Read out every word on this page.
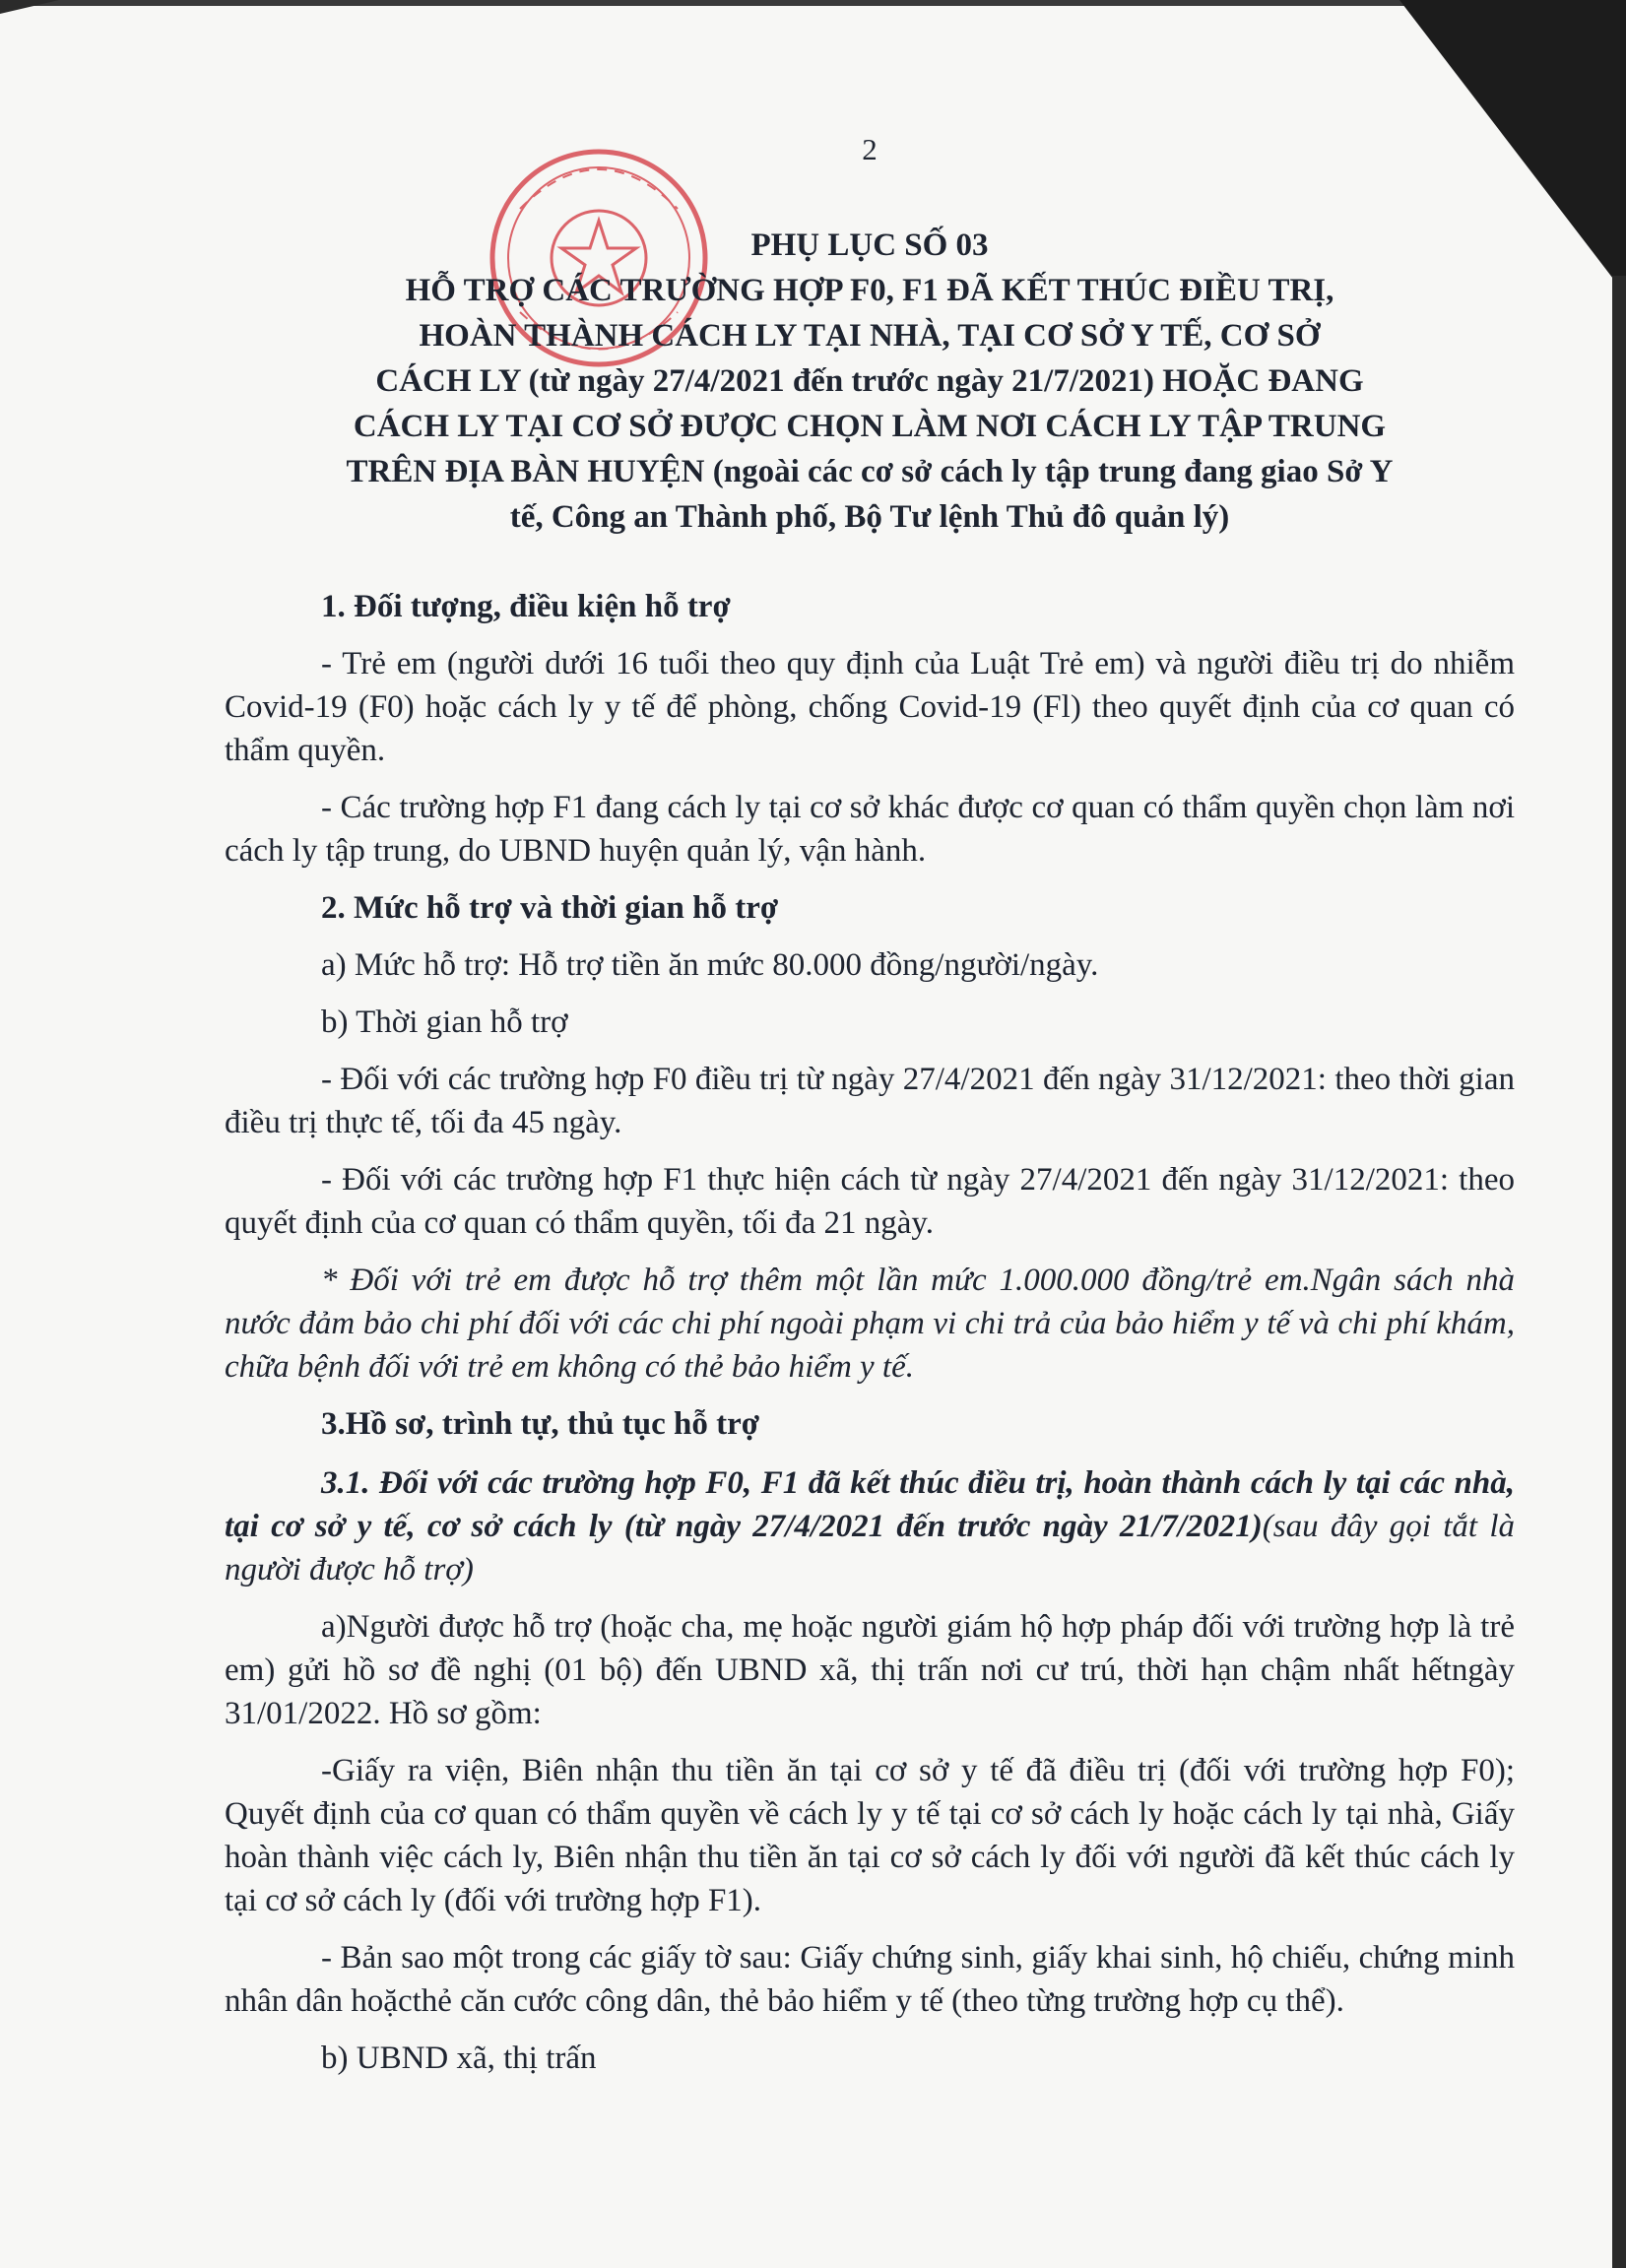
2
PHỤ LỤC SỐ 03
HỖ TRỢ CÁC TRƯỜNG HỢP F0, F1 ĐÃ KẾT THÚC ĐIỀU TRỊ,
HOÀN THÀNH CÁCH LY TẠI NHÀ, TẠI CƠ SỞ Y TẾ, CƠ SỞ
CÁCH LY (từ ngày 27/4/2021 đến trước ngày 21/7/2021) HOẶC ĐANG
CÁCH LY TẠI CƠ SỞ ĐƯỢC CHỌN LÀM NƠI CÁCH LY TẬP TRUNG
TRÊN ĐỊA BÀN HUYỆN (ngoài các cơ sở cách ly tập trung đang giao Sở Y
tế, Công an Thành phố, Bộ Tư lệnh Thủ đô quản lý)
1. Đối tượng, điều kiện hỗ trợ
- Trẻ em (người dưới 16 tuổi theo quy định của Luật Trẻ em) và người điều trị do nhiễm Covid-19 (F0) hoặc cách ly y tế để phòng, chống Covid-19 (Fl) theo quyết định của cơ quan có thẩm quyền.
- Các trường hợp F1 đang cách ly tại cơ sở khác được cơ quan có thẩm quyền chọn làm nơi cách ly tập trung, do UBND huyện quản lý, vận hành.
2. Mức hỗ trợ và thời gian hỗ trợ
a) Mức hỗ trợ: Hỗ trợ tiền ăn mức 80.000 đồng/người/ngày.
b) Thời gian hỗ trợ
- Đối với các trường hợp F0 điều trị từ ngày 27/4/2021 đến ngày 31/12/2021: theo thời gian điều trị thực tế, tối đa 45 ngày.
- Đối với các trường hợp F1 thực hiện cách từ ngày 27/4/2021 đến ngày 31/12/2021: theo quyết định của cơ quan có thẩm quyền, tối đa 21 ngày.
* Đối với trẻ em được hỗ trợ thêm một lần mức 1.000.000 đồng/trẻ em.Ngân sách nhà nước đảm bảo chi phí đối với các chi phí ngoài phạm vi chi trả của bảo hiểm y tế và chi phí khám, chữa bệnh đối với trẻ em không có thẻ bảo hiểm y tế.
3.Hồ sơ, trình tự, thủ tục hỗ trợ
3.1. Đối với các trường hợp F0, F1 đã kết thúc điều trị, hoàn thành cách ly tại các nhà, tại cơ sở y tế, cơ sở cách ly (từ ngày 27/4/2021 đến trước ngày 21/7/2021)(sau đây gọi tắt là người được hỗ trợ)
a)Người được hỗ trợ (hoặc cha, mẹ hoặc người giám hộ hợp pháp đối với trường hợp là trẻ em) gửi hồ sơ đề nghị (01 bộ) đến UBND xã, thị trấn nơi cư trú, thời hạn chậm nhất hếtngày 31/01/2022. Hồ sơ gồm:
-Giấy ra viện, Biên nhận thu tiền ăn tại cơ sở y tế đã điều trị (đối với trường hợp F0); Quyết định của cơ quan có thẩm quyền về cách ly y tế tại cơ sở cách ly hoặc cách ly tại nhà, Giấy hoàn thành việc cách ly, Biên nhận thu tiền ăn tại cơ sở cách ly đối với người đã kết thúc cách ly tại cơ sở cách ly (đối với trường hợp F1).
- Bản sao một trong các giấy tờ sau: Giấy chứng sinh, giấy khai sinh, hộ chiếu, chứng minh nhân dân hoặcthẻ căn cước công dân, thẻ bảo hiểm y tế (theo từng trường hợp cụ thể).
b) UBND xã, thị trấn
